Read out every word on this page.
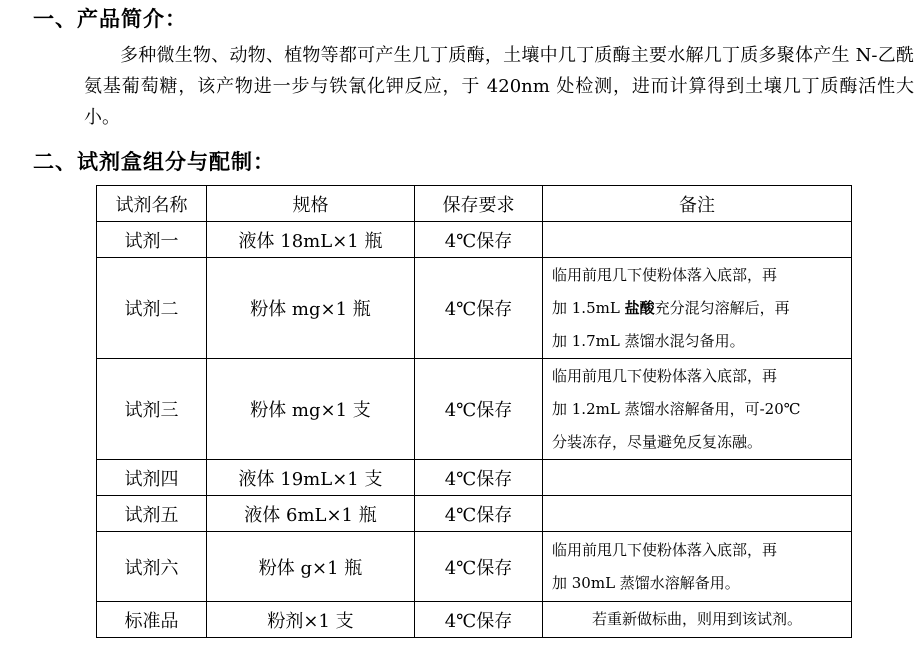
一、产品简介：
多种微生物、动物、植物等都可产生几丁质酶，土壤中几丁质酶主要水解几丁质多聚体产生 N-乙酰氨基葡萄糖，该产物进一步与铁氰化钾反应，于 420nm 处检测，进而计算得到土壤几丁质酶活性大小。
二、试剂盒组分与配制：
试剂名称	规格	保存要求	备注
试剂一	液体 18mL×1 瓶	4℃保存	
试剂二	粉体 mg×1 瓶	4℃保存	临用前甩几下使粉体落入底部，再
加 1.5mL 盐酸充分混匀溶解后，再
加 1.7mL 蒸馏水混匀备用。

试剂三	粉体 mg×1 支	4℃保存	临用前甩几下使粉体落入底部，再
加 1.2mL 蒸馏水溶解备用，可-20℃
分装冻存，尽量避免反复冻融。

试剂四	液体 19mL×1 支	4℃保存	
试剂五	液体 6mL×1 瓶	4℃保存	
试剂六	粉体 g×1 瓶	4℃保存	临用前甩几下使粉体落入底部，再
加 30mL 蒸馏水溶解备用。

标准品	粉剂×1 支	4℃保存	若重新做标曲，则用到该试剂。
